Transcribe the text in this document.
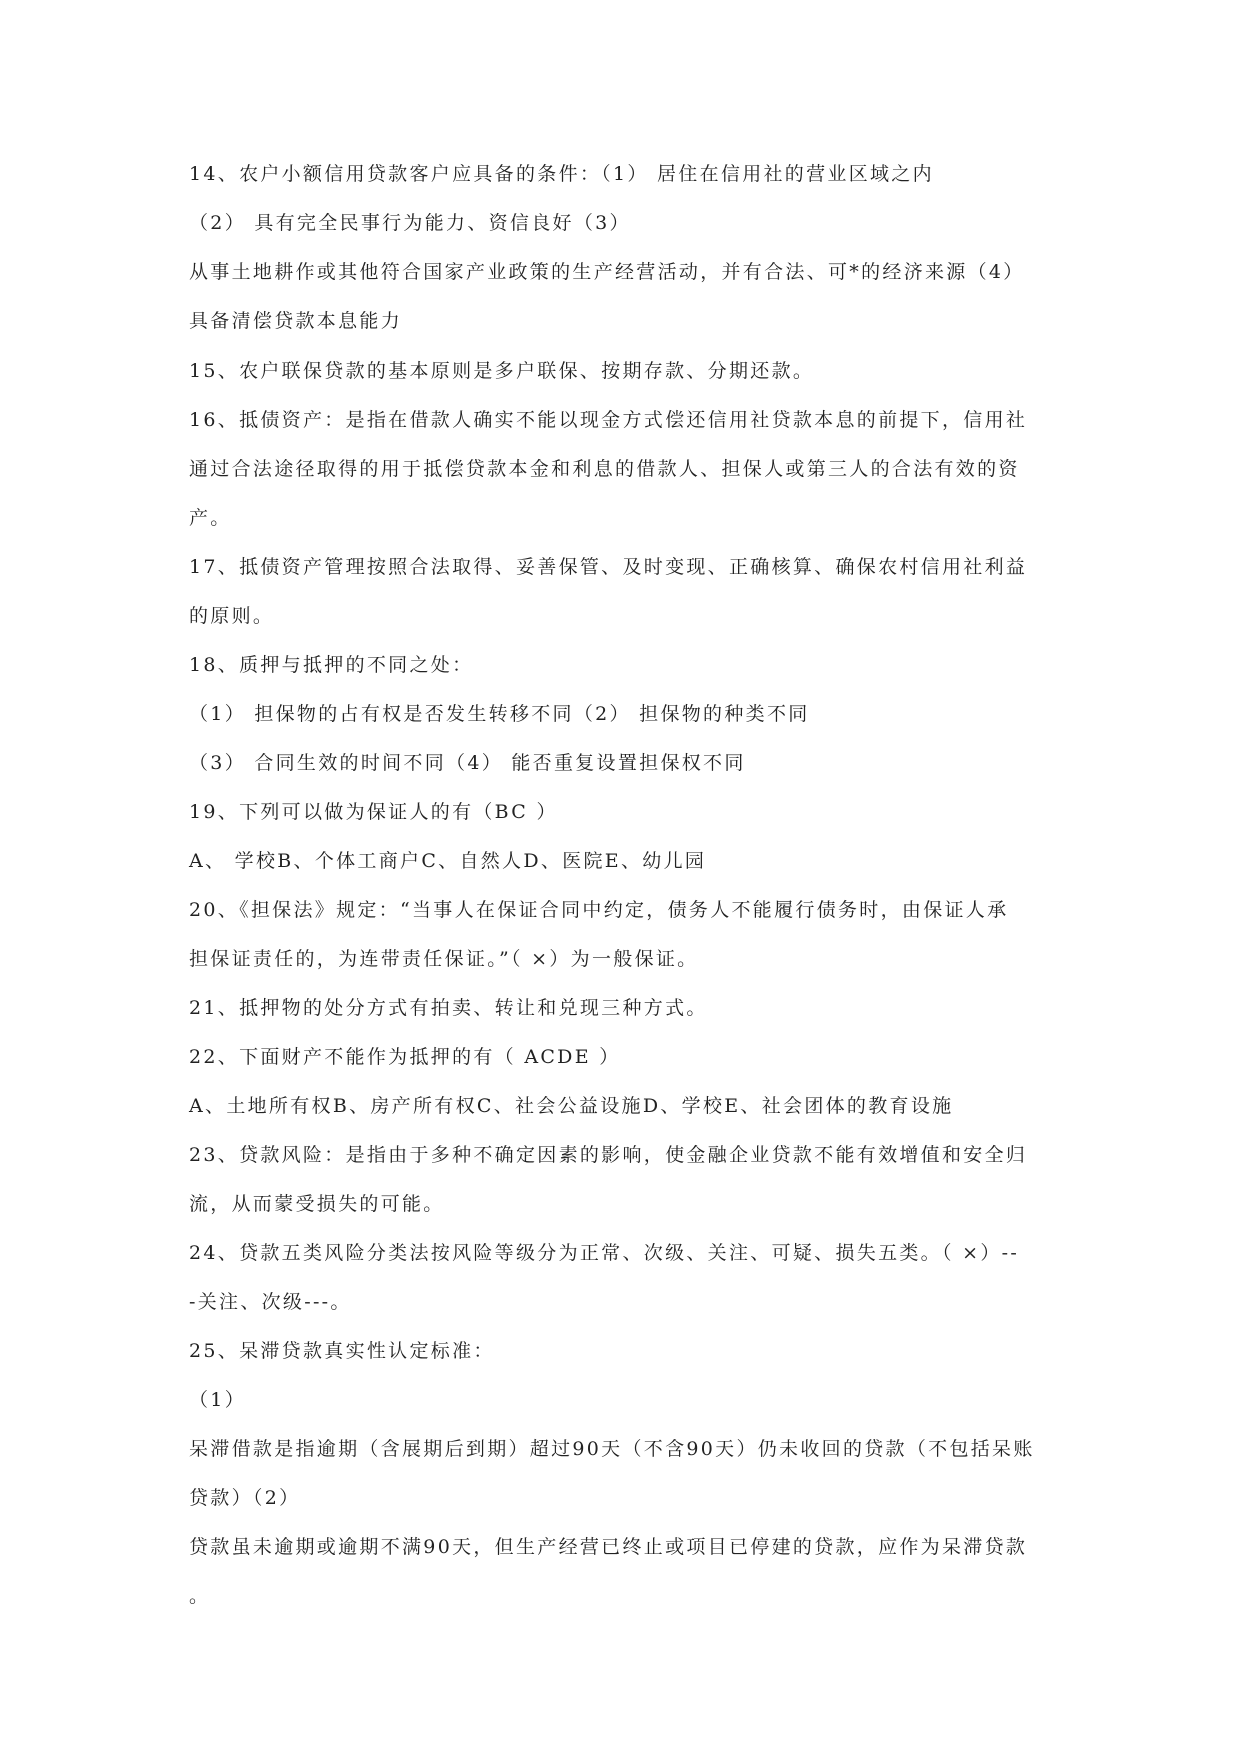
14、农户小额信用贷款客户应具备的条件：（1） 居住在信用社的营业区域之内
（2） 具有完全民事行为能力、资信良好（3）
从事土地耕作或其他符合国家产业政策的生产经营活动，并有合法、可*的经济来源（4）
具备清偿贷款本息能力
15、农户联保贷款的基本原则是多户联保、按期存款、分期还款。
16、抵债资产：是指在借款人确实不能以现金方式偿还信用社贷款本息的前提下，信用社
通过合法途径取得的用于抵偿贷款本金和利息的借款人、担保人或第三人的合法有效的资
产。
17、抵债资产管理按照合法取得、妥善保管、及时变现、正确核算、确保农村信用社利益
的原则。
18、质押与抵押的不同之处：
（1） 担保物的占有权是否发生转移不同（2） 担保物的种类不同
（3） 合同生效的时间不同（4） 能否重复设置担保权不同
19、下列可以做为保证人的有（BC ）
A、 学校B、个体工商户C、自然人D、医院E、幼儿园
20、《担保法》规定：“当事人在保证合同中约定，债务人不能履行债务时，由保证人承
担保证责任的，为连带责任保证。”（ ×）为一般保证。
21、抵押物的处分方式有拍卖、转让和兑现三种方式。
22、下面财产不能作为抵押的有（ ACDE ）
A、土地所有权B、房产所有权C、社会公益设施D、学校E、社会团体的教育设施
23、贷款风险：是指由于多种不确定因素的影响，使金融企业贷款不能有效增值和安全归
流，从而蒙受损失的可能。
24、贷款五类风险分类法按风险等级分为正常、次级、关注、可疑、损失五类。（ ×）--
-关注、次级---。
25、呆滞贷款真实性认定标准：
（1）
呆滞借款是指逾期（含展期后到期）超过90天（不含90天）仍未收回的贷款（不包括呆账
贷款）（2）
贷款虽未逾期或逾期不满90天，但生产经营已终止或项目已停建的贷款，应作为呆滞贷款
。
